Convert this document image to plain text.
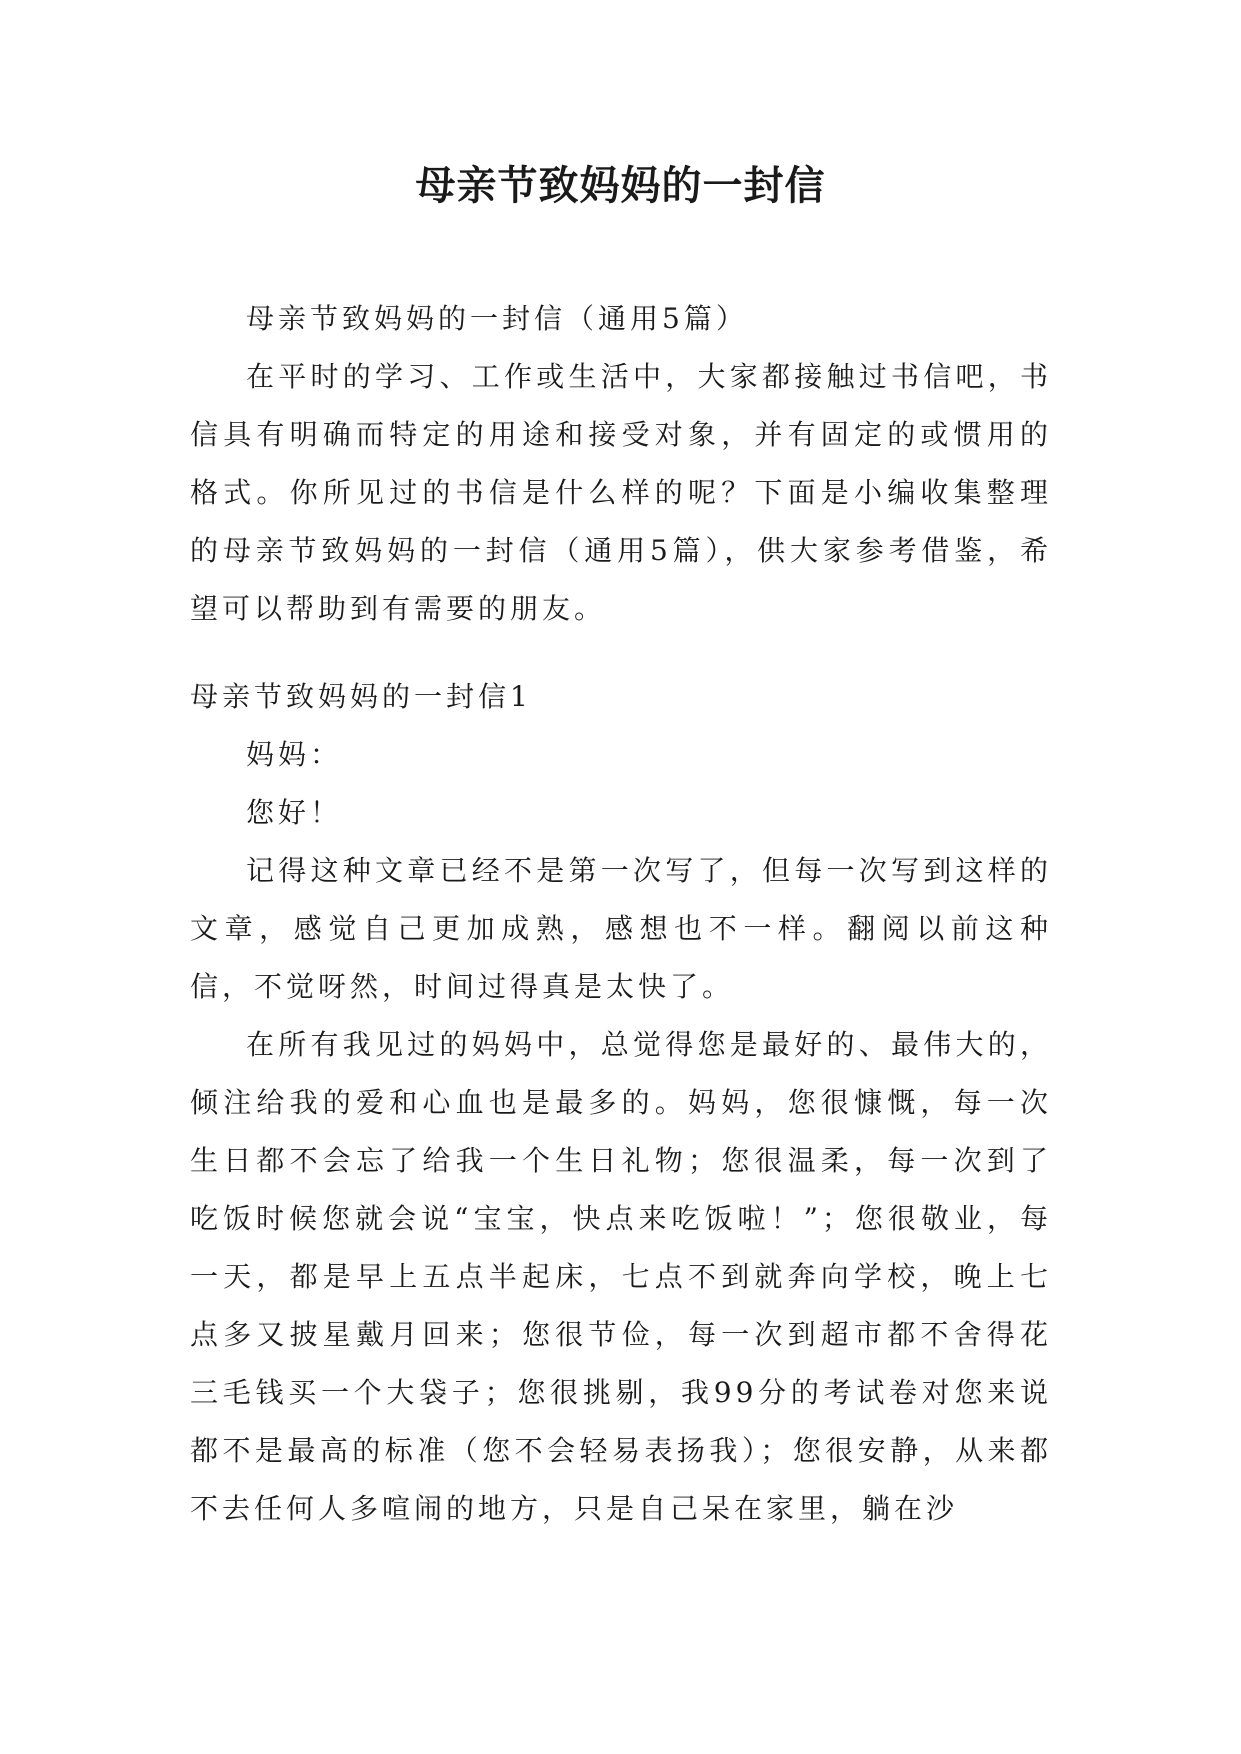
母亲节致妈妈的一封信

母亲节致妈妈的一封信（通用5篇）

在平时的学习、工作或生活中，大家都接触过书信吧，书信具有明确而特定的用途和接受对象，并有固定的或惯用的格式。你所见过的书信是什么样的呢？下面是小编收集整理的母亲节致妈妈的一封信（通用5篇），供大家参考借鉴，希望可以帮助到有需要的朋友。

母亲节致妈妈的一封信1

妈妈：

您好！

记得这种文章已经不是第一次写了，但每一次写到这样的文章，感觉自己更加成熟，感想也不一样。翻阅以前这种信，不觉呀然，时间过得真是太快了。

在所有我见过的妈妈中，总觉得您是最好的、最伟大的，倾注给我的爱和心血也是最多的。妈妈，您很慷慨，每一次生日都不会忘了给我一个生日礼物；您很温柔，每一次到了吃饭时候您就会说“宝宝，快点来吃饭啦！”；您很敬业，每一天，都是早上五点半起床，七点不到就奔向学校，晚上七点多又披星戴月回来；您很节俭，每一次到超市都不舍得花三毛钱买一个大袋子；您很挑剔，我99分的考试卷对您来说都不是最高的标准（您不会轻易表扬我）；您很安静，从来都不去任何人多喧闹的地方，只是自己呆在家里，躺在沙
